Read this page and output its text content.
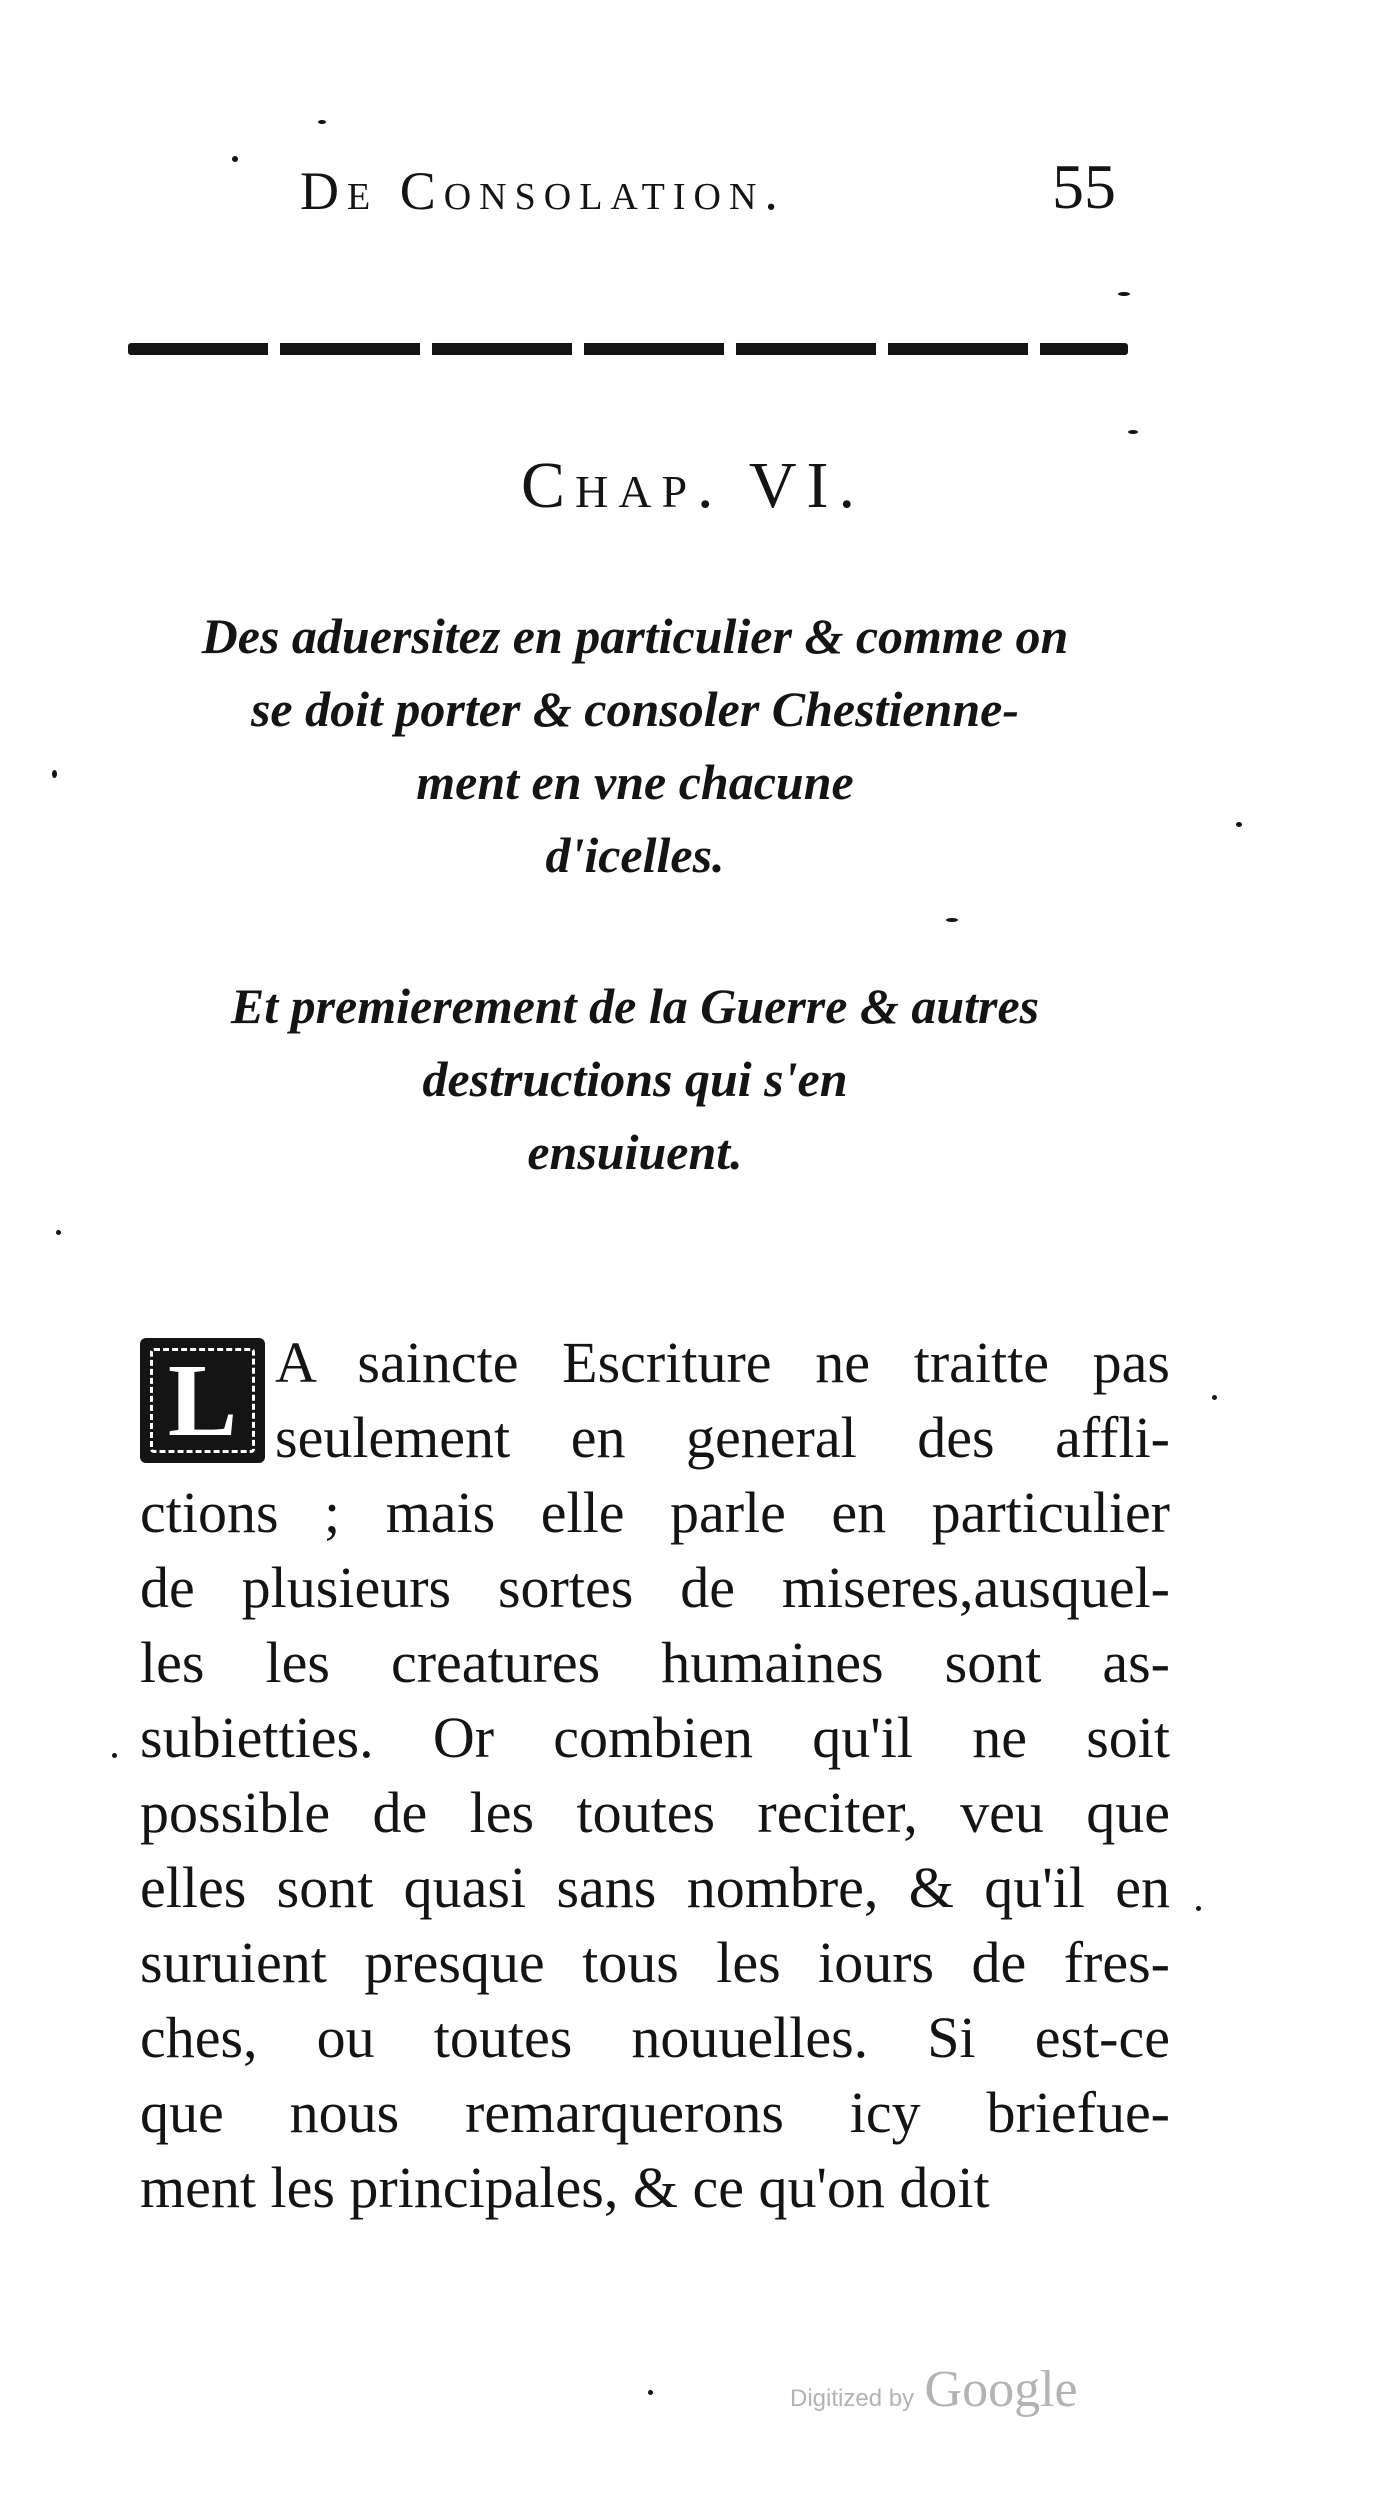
De Consolation.	55
Chap. VI.
Des aduersitez en particulier & comme on
se doit porter & consoler Chestienne-
ment en vne chacune
d'icelles.
Et premierement de la Guerre & autres
destructions qui s'en
ensuiuent.
L A saincte Escriture ne traitte pas
seulement en general des affli-
ctions ; mais elle parle en particulier
de plusieurs sortes de miseres,ausquel-
les les creatures humaines sont as-
subietties. Or combien qu'il ne soit
possible de les toutes reciter, veu que
elles sont quasi sans nombre, & qu'il en
suruient presque tous les iours de fres-
ches, ou toutes nouuelles. Si est-ce
que nous remarquerons icy briefue-
ment les principales, & ce qu'on doit
Digitized by Google
